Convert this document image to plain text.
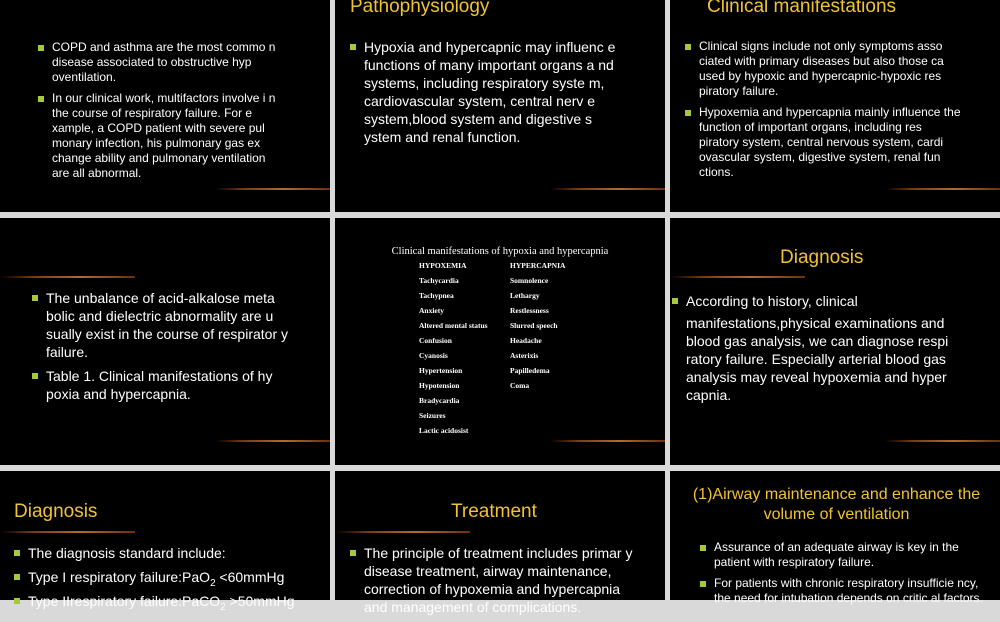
COPD and asthma are the most commo n disease associated to obstructive hyp oventilation.
In our clinical work, multifactors involve i n the course of respiratory failure. For e xample, a COPD patient with severe pul monary infection, his pulmonary gas ex change ability and pulmonary ventilation are all abnormal.
Pathophysiology
Hypoxia and hypercapnic may influenc e functions of many important organs a nd systems, including respiratory syste m, cardiovascular system, central nerv e system,blood system and digestive s ystem and renal function.
Clinical manifestations
Clinical signs include not only symptoms asso ciated with primary diseases but also those ca used by hypoxic and hypercapnic-hypoxic res piratory failure.
Hypoxemia and hypercapnia mainly influence the function of important organs, including res piratory system, central nervous system, cardi ovascular system, digestive system, renal fun ctions.
The unbalance of acid-alkalose meta bolic and dielectric abnormality are u sually exist in the course of respirator y failure.
Table 1. Clinical manifestations of hy poxia and hypercapnia.
Clinical manifestations of hypoxia and hypercapnia
HYPOXEMIA
Tachycardia
Tachypnea
Anxiety
Altered mental status
Confusion
Cyanosis
Hypertension
Hypotension
Bradycardia
Seizures
Lactic acidosist
HYPERCAPNIA
Somnolence
Lethargy
Restlessness
Slurred speech
Headache
Asterixis
Papilledema
Coma
Diagnosis
According to history, clinical
manifestations,physical examinations and blood gas analysis, we can diagnose respi ratory failure. Especially arterial blood gas analysis may reveal hypoxemia and hyper capnia.
Diagnosis
The diagnosis standard include:
Type I respiratory failure:PaO$_2$ <60mmHg
Type IIrespiratory failure:PaCO$_2$ >50mmHg
Treatment
The principle of treatment includes primar y disease treatment, airway maintenance, correction of hypoxemia and hypercapnia and management of complications.
(1)Airway maintenance and enhance the volume of ventilation
Assurance of an adequate airway is key in the patient with respiratory failure.
For patients with chronic respiratory insufficie ncy, the need for intubation depends on critic al factors.
